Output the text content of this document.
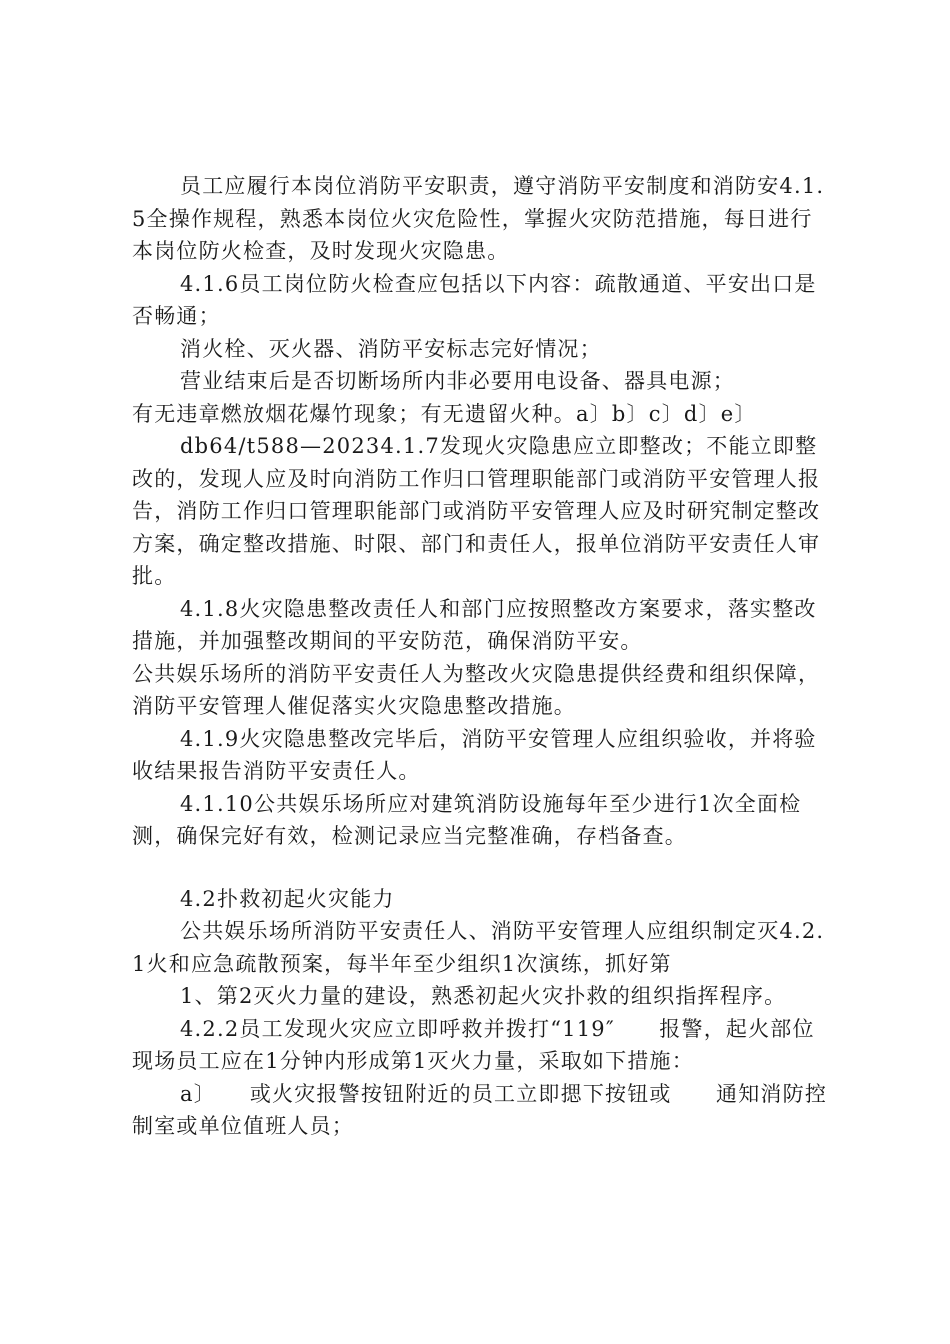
员工应履行本岗位消防平安职责，遵守消防平安制度和消防安4.1.5全操作规程，熟悉本岗位火灾危险性，掌握火灾防范措施，每日进行本岗位防火检查，及时发现火灾隐患。

4.1.6员工岗位防火检查应包括以下内容：疏散通道、平安出口是否畅通；

消火栓、灭火器、消防平安标志完好情况；

营业结束后是否切断场所内非必要用电设备、器具电源；

有无违章燃放烟花爆竹现象；有无遗留火种。a〕b〕c〕d〕e〕

db64/t588—20234.1.7发现火灾隐患应立即整改；不能立即整改的，发现人应及时向消防工作归口管理职能部门或消防平安管理人报告，消防工作归口管理职能部门或消防平安管理人应及时研究制定整改方案，确定整改措施、时限、部门和责任人，报单位消防平安责任人审批。

4.1.8火灾隐患整改责任人和部门应按照整改方案要求，落实整改措施，并加强整改期间的平安防范，确保消防平安。

公共娱乐场所的消防平安责任人为整改火灾隐患提供经费和组织保障，消防平安管理人催促落实火灾隐患整改措施。

4.1.9火灾隐患整改完毕后，消防平安管理人应组织验收，并将验收结果报告消防平安责任人。

4.1.10公共娱乐场所应对建筑消防设施每年至少进行1次全面检测，确保完好有效，检测记录应当完整准确，存档备查。

4.2扑救初起火灾能力

公共娱乐场所消防平安责任人、消防平安管理人应组织制定灭4.2.1火和应急疏散预案，每半年至少组织1次演练，抓好第

1、第2灭火力量的建设，熟悉初起火灾扑救的组织指挥程序。

4.2.2员工发现火灾应立即呼救并拨打“119″　　报警，起火部位现场员工应在1分钟内形成第1灭火力量，采取如下措施：

a〕　　或火灾报警按钮附近的员工立即揌下按钮或　　通知消防控制室或单位值班人员；
